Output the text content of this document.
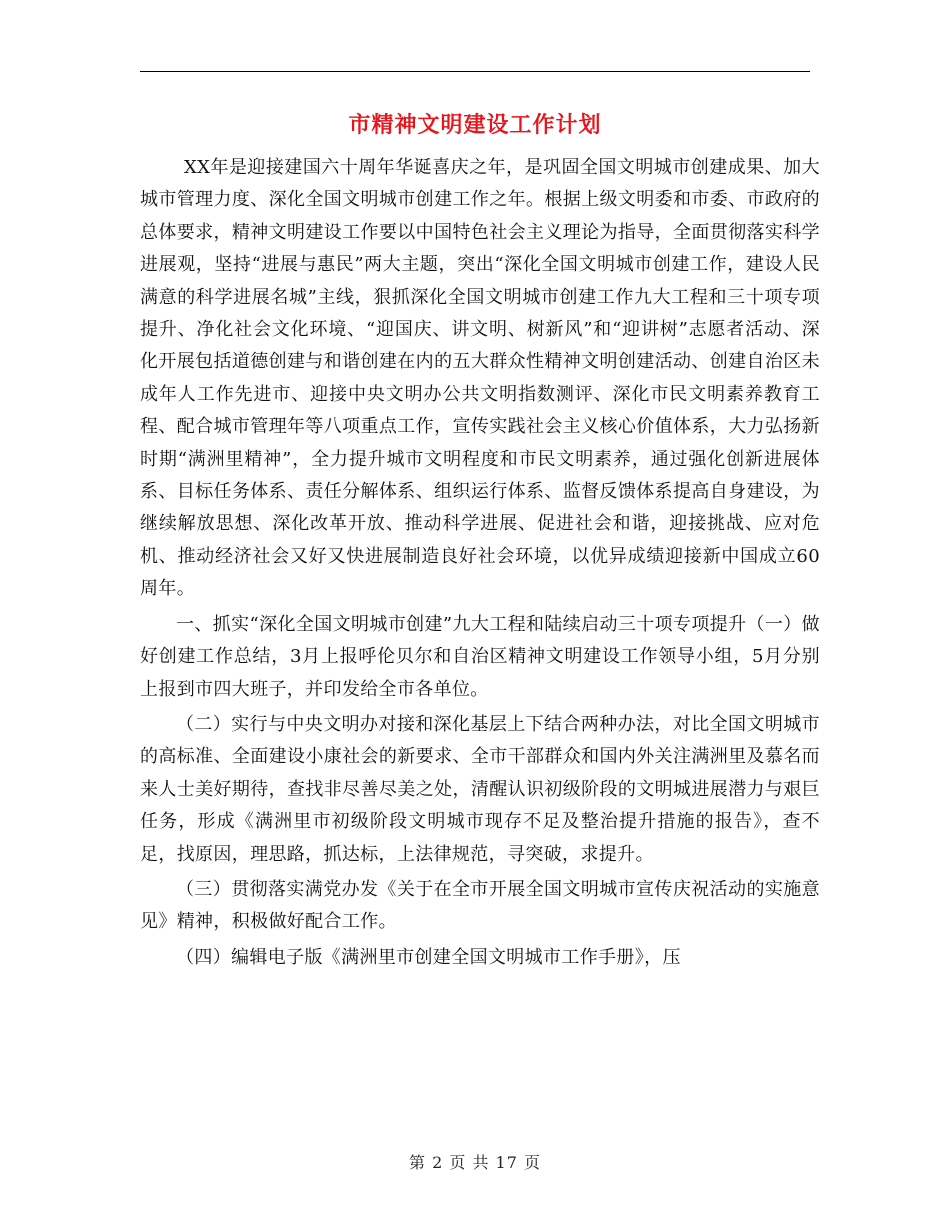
市精神文明建设工作计划

XX年是迎接建国六十周年华诞喜庆之年，是巩固全国文明城市创建成果、加大城市管理力度、深化全国文明城市创建工作之年。根据上级文明委和市委、市政府的总体要求，精神文明建设工作要以中国特色社会主义理论为指导，全面贯彻落实科学进展观，坚持“进展与惠民”两大主题，突出“深化全国文明城市创建工作，建设人民满意的科学进展名城”主线，狠抓深化全国文明城市创建工作九大工程和三十项专项提升、净化社会文化环境、“迎国庆、讲文明、树新风”和“迎讲树”志愿者活动、深化开展包括道德创建与和谐创建在内的五大群众性精神文明创建活动、创建自治区未成年人工作先进市、迎接中央文明办公共文明指数测评、深化市民文明素养教育工程、配合城市管理年等八项重点工作，宣传实践社会主义核心价值体系，大力弘扬新时期“满洲里精神”，全力提升城市文明程度和市民文明素养，通过强化创新进展体系、目标任务体系、责任分解体系、组织运行体系、监督反馈体系提高自身建设，为继续解放思想、深化改革开放、推动科学进展、促进社会和谐，迎接挑战、应对危机、推动经济社会又好又快进展制造良好社会环境，以优异成绩迎接新中国成立60周年。

一、抓实“深化全国文明城市创建”九大工程和陆续启动三十项专项提升（一）做好创建工作总结，3月上报呼伦贝尔和自治区精神文明建设工作领导小组，5月分别上报到市四大班子，并印发给全市各单位。

（二）实行与中央文明办对接和深化基层上下结合两种办法，对比全国文明城市的高标准、全面建设小康社会的新要求、全市干部群众和国内外关注满洲里及慕名而来人士美好期待，查找非尽善尽美之处，清醒认识初级阶段的文明城进展潜力与艰巨任务，形成《满洲里市初级阶段文明城市现存不足及整治提升措施的报告》，查不足，找原因，理思路，抓达标，上法律规范，寻突破，求提升。

（三）贯彻落实满党办发《关于在全市开展全国文明城市宣传庆祝活动的实施意见》精神，积极做好配合工作。

（四）编辑电子版《满洲里市创建全国文明城市工作手册》，压

第 2 页 共 17 页
